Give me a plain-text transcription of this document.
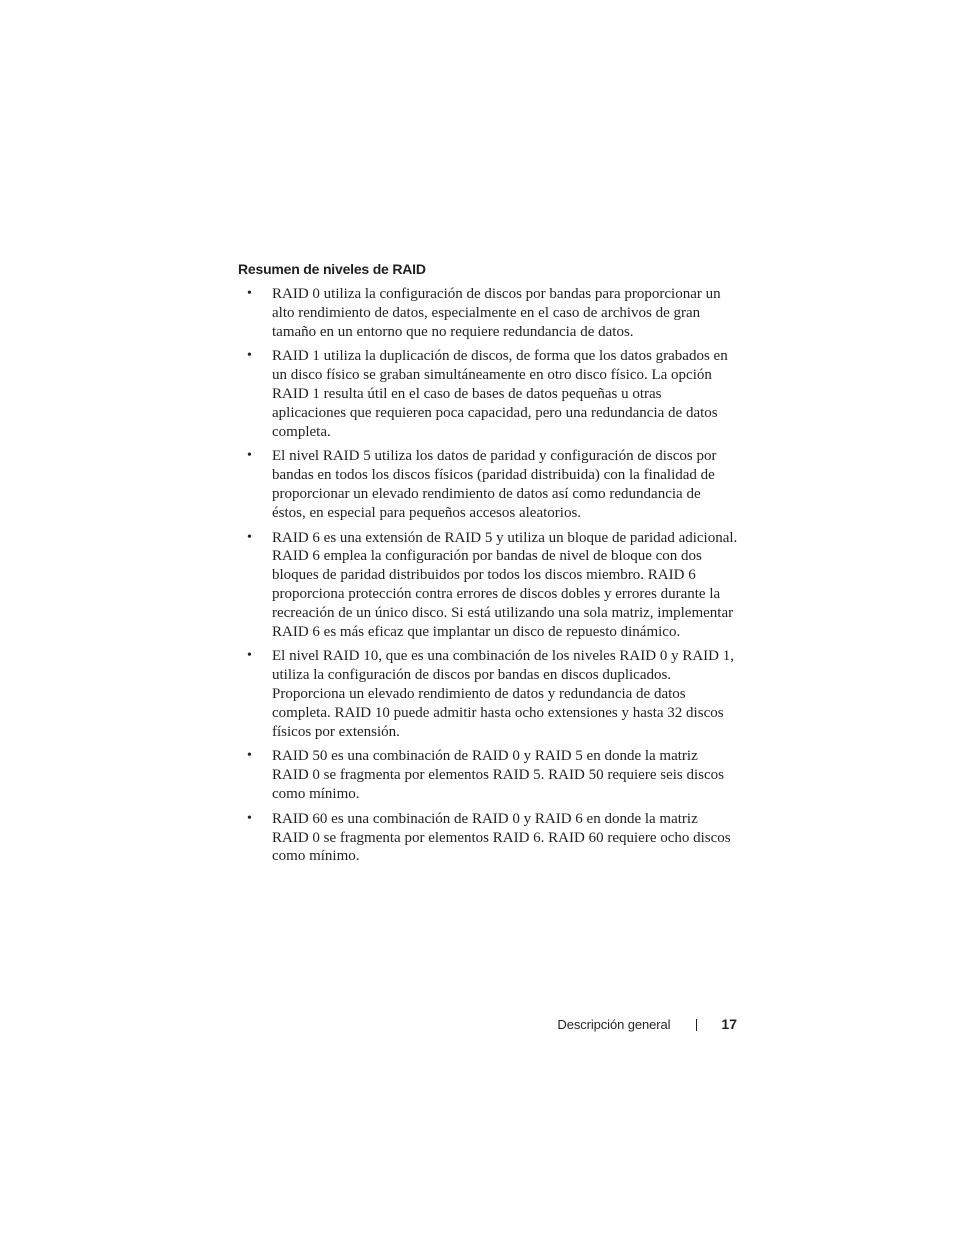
Resumen de niveles de RAID
• RAID 0 utiliza la configuración de discos por bandas para proporcionar un alto rendimiento de datos, especialmente en el caso de archivos de gran tamaño en un entorno que no requiere redundancia de datos.
• RAID 1 utiliza la duplicación de discos, de forma que los datos grabados en un disco físico se graban simultáneamente en otro disco físico. La opción RAID 1 resulta útil en el caso de bases de datos pequeñas u otras aplicaciones que requieren poca capacidad, pero una redundancia de datos completa.
• El nivel RAID 5 utiliza los datos de paridad y configuración de discos por bandas en todos los discos físicos (paridad distribuida) con la finalidad de proporcionar un elevado rendimiento de datos así como redundancia de éstos, en especial para pequeños accesos aleatorios.
• RAID 6 es una extensión de RAID 5 y utiliza un bloque de paridad adicional. RAID 6 emplea la configuración por bandas de nivel de bloque con dos bloques de paridad distribuidos por todos los discos miembro. RAID 6 proporciona protección contra errores de discos dobles y errores durante la recreación de un único disco. Si está utilizando una sola matriz, implementar RAID 6 es más eficaz que implantar un disco de repuesto dinámico.
• El nivel RAID 10, que es una combinación de los niveles RAID 0 y RAID 1, utiliza la configuración de discos por bandas en discos duplicados. Proporciona un elevado rendimiento de datos y redundancia de datos completa. RAID 10 puede admitir hasta ocho extensiones y hasta 32 discos físicos por extensión.
• RAID 50 es una combinación de RAID 0 y RAID 5 en donde la matriz RAID 0 se fragmenta por elementos RAID 5. RAID 50 requiere seis discos como mínimo.
• RAID 60 es una combinación de RAID 0 y RAID 6 en donde la matriz RAID 0 se fragmenta por elementos RAID 6. RAID 60 requiere ocho discos como mínimo.
Descripción general	17
